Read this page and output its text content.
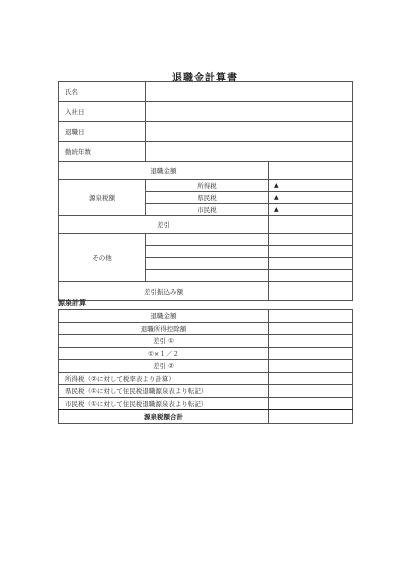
退職金計算書
氏名		
入社日		
退職日		
勤続年数		
退職金額		
源泉税額	所得税	▲
	県民税	▲
	市民税	▲
差引		
その他		

差引振込み額		
源泉計算
退職金額	
退職所得控除額	
差引 ①	
①×１／２	
差引 ②	
所得税（②に対して税率表より計算）	
県民税（①に対して住民税退職源泉表より転記）	
市民税（①に対して住民税退職源泉表より転記）	
源泉税額合計	
